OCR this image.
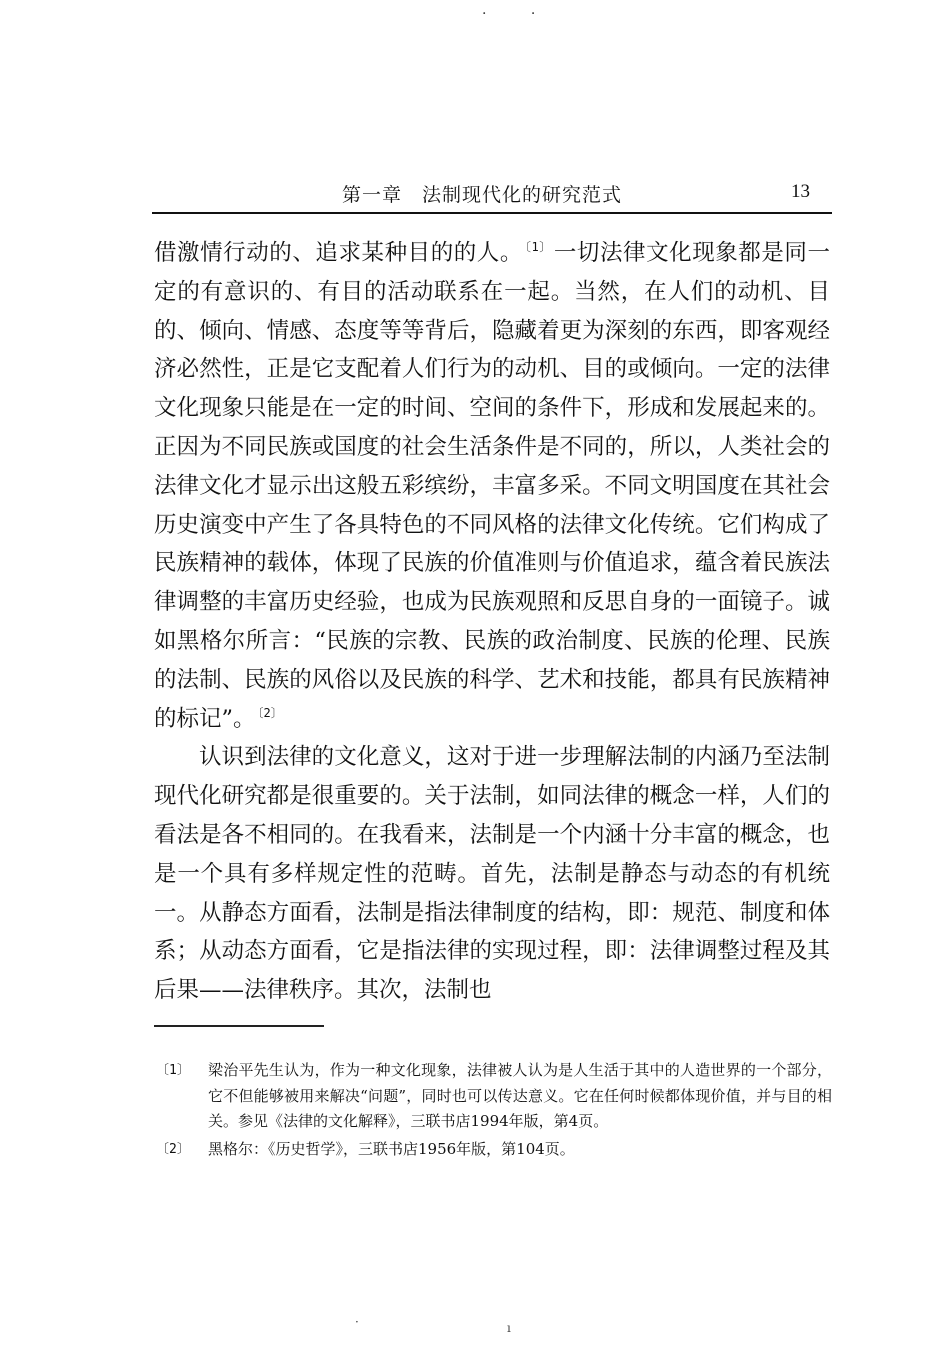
· ·
第一章　法制现代化的研究范式	13

借激情行动的、追求某种目的的人。 $^{〔1〕}$一切法律文化现象都是同一定的有意识的、有目的活动联系在一起。当然，在人们的动机、目的、倾向、情感、态度等等背后，隐藏着更为深刻的东西，即客观经济必然性，正是它支配着人们行为的动机、目的或倾向。一定的法律文化现象只能是在一定的时间、空间的条件下，形成和发展起来的。正因为不同民族或国度的社会生活条件是不同的，所以，人类社会的法律文化才显示出这般五彩缤纷，丰富多采。不同文明国度在其社会历史演变中产生了各具特色的不同风格的法律文化传统。它们构成了民族精神的载体，体现了民族的价值准则与价值追求，蕴含着民族法律调整的丰富历史经验，也成为民族观照和反思自身的一面镜子。诚如黑格尔所言：“民族的宗教、民族的政治制度、民族的伦理、民族的法制、民族的风俗以及民族的科学、艺术和技能，都具有民族精神的标记”。 $^{〔2〕}$

认识到法律的文化意义，这对于进一步理解法制的内涵乃至法制现代化研究都是很重要的。关于法制，如同法律的概念一样，人们的看法是各不相同的。在我看来，法制是一个内涵十分丰富的概念，也是一个具有多样规定性的范畴。首先，法制是静态与动态的有机统一。从静态方面看，法制是指法律制度的结构，即：规范、制度和体系；从动态方面看，它是指法律的实现过程，即：法律调整过程及其后果——法律秩序。其次，法制也

〔1〕	梁治平先生认为，作为一种文化现象，法律被人认为是人生活于其中的人造世界的一个部分，它不但能够被用来解决“问题”，同时也可以传达意义。它在任何时候都体现价值，并与目的相关。参见《法律的文化解释》，三联书店1994年版，第4页。
〔2〕	黑格尔：《历史哲学》，三联书店1956年版，第104页。
·	ı
